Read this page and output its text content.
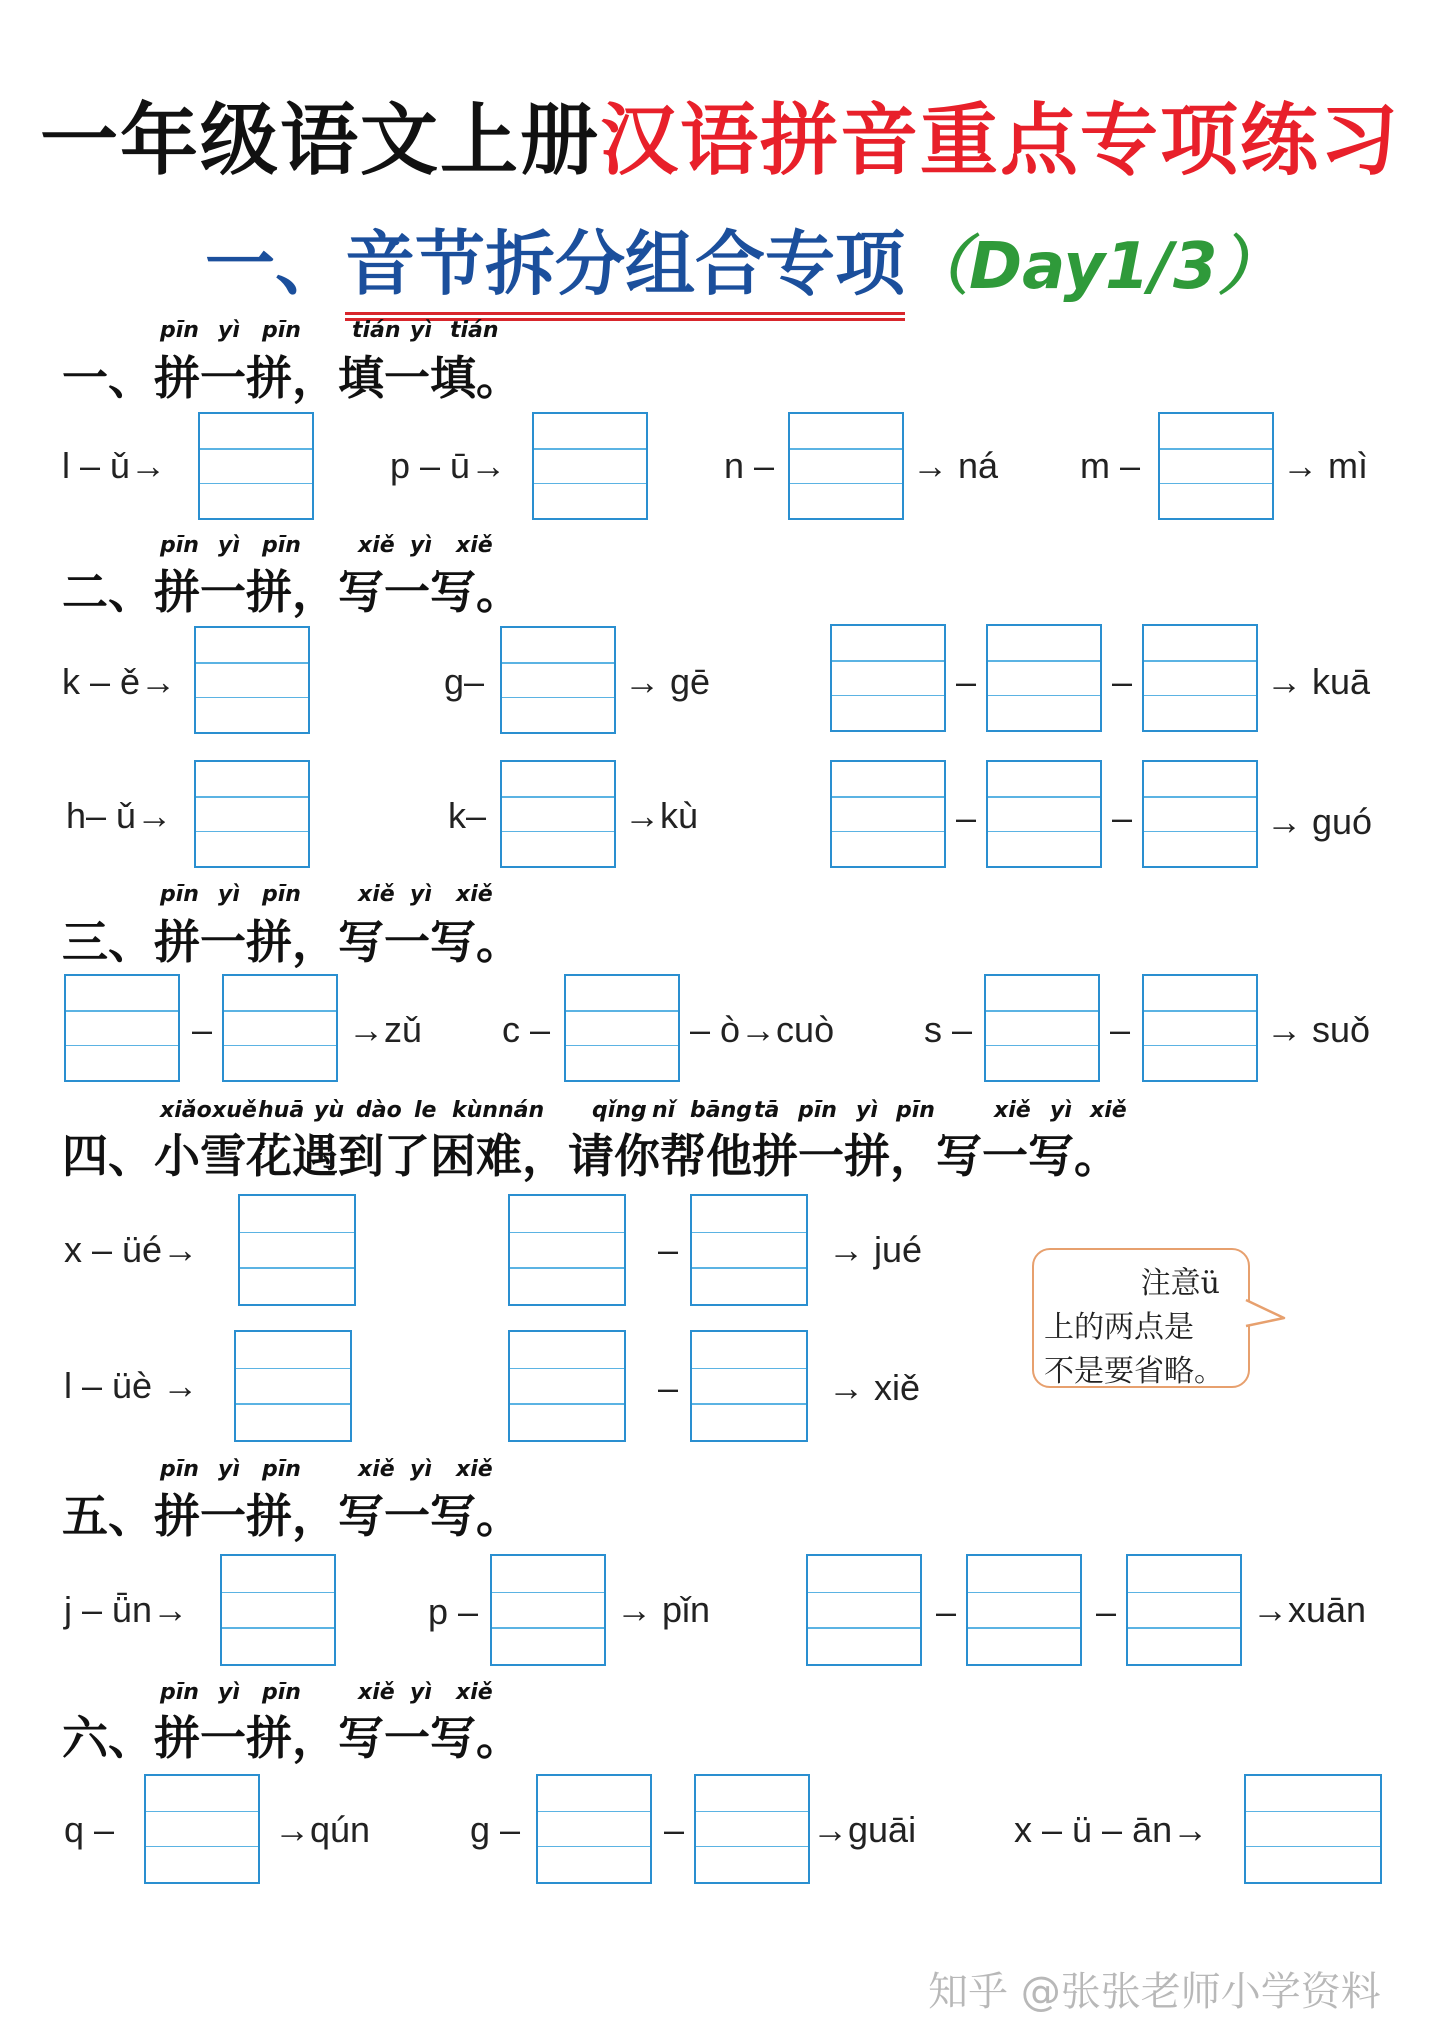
一年级语文上册汉语拼音重点专项练习
一、音节拆分组合专项（Day1/3）
pīn yì pīn tián yì tián
一、拼一拼，填一填。
l – ǔ→	p – ū→	n –	→ ná m –	→ mì
pīn yì pīn	xiě yì xiě
二、拼一拼，写一写。
k – ě→	g–	→ gē	–	–	→ kuā
h– ǔ→	k–	→kù	–	–	→ guó
pīn yì pīn	xiě yì xiě
三、拼一拼，写一写。
–	→zǔ c –	– ò→cuò s –	–	→ suǒ
xiǎo xuě huā yù dào le kùn nán qǐng nǐ bāng tā pīn yì pīn	xiě yì xiě
四、小雪花遇到了困难，请你帮他拼一拼，写一写。
x – üé→	–	→ jué
l – üè →	–	→ xiě
注意ü
上的两点是
不是要省略。
pīn yì pīn	xiě yì xiě
五、拼一拼，写一写。
j – ǖn→	p –	→ pǐn	–	–	→xuān
pīn yì pīn	xiě yì xiě
六、拼一拼，写一写。
q –	→qún	g –	–	→guāi	x – ü – ān→
知乎 @张张老师小学资料
